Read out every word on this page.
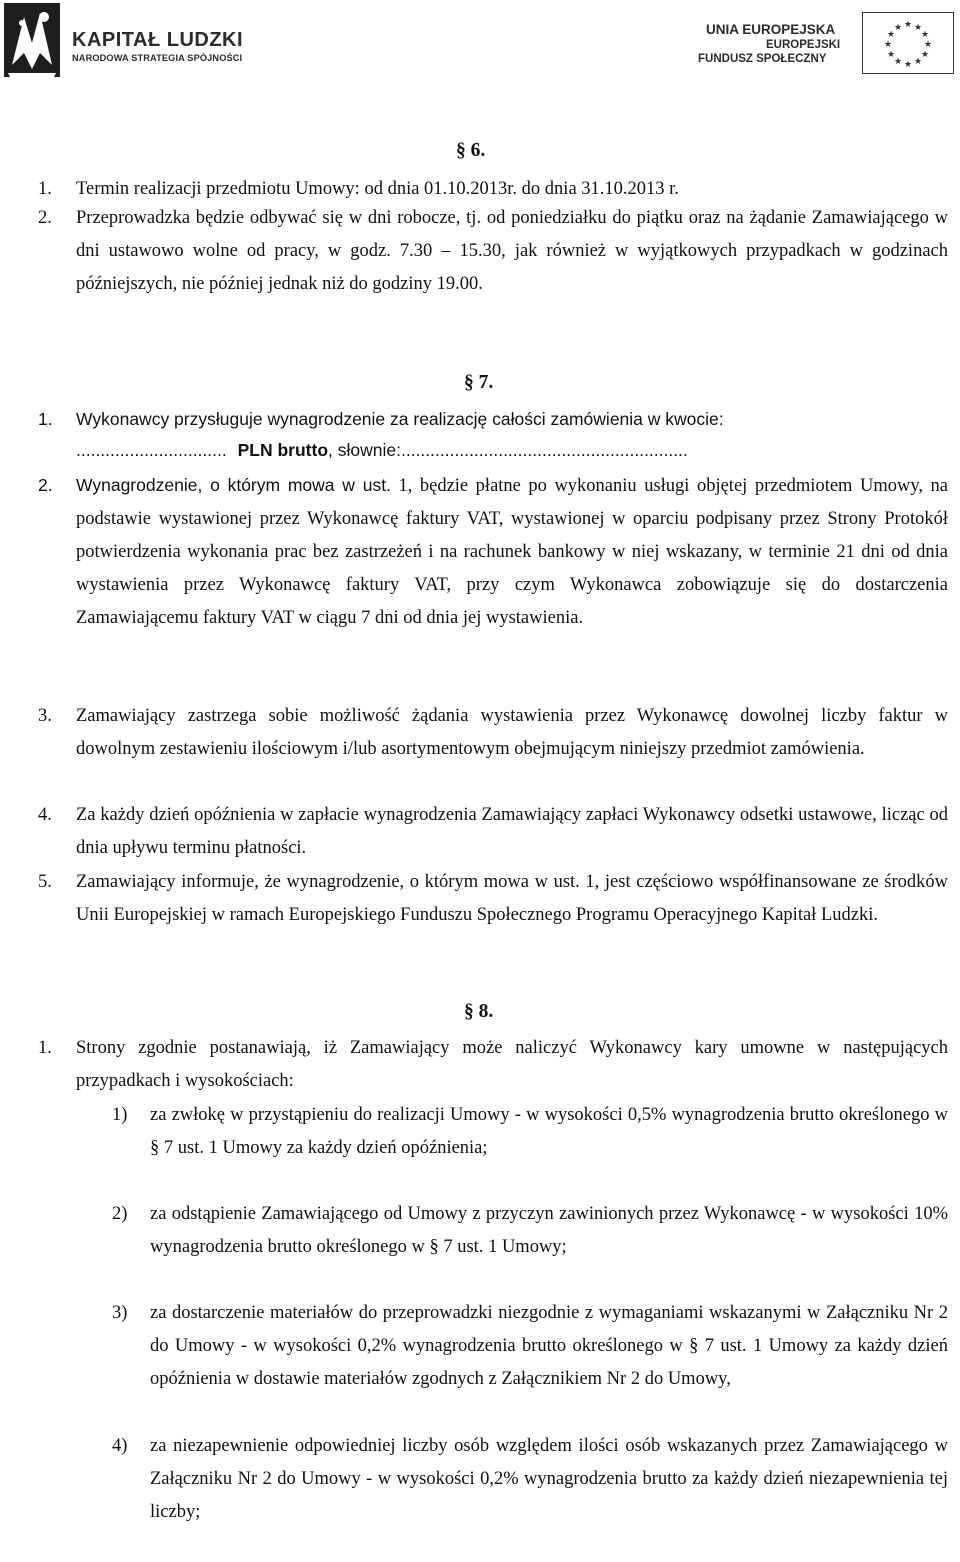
KAPITAŁ LUDZKI
NARODOWA STRATEGIA SPÓJNOŚCI
UNIA EUROPEJSKA
EUROPEJSKI
FUNDUSZ SPOŁECZNY
★ ★
★
★
★
★
★
★
★
★
★
★
§ 6.
1. Termin realizacji przedmiotu Umowy: od dnia 01.10.2013r. do dnia 31.10.2013 r.

2. Przeprowadzka będzie odbywać się w dni robocze, tj. od poniedziałku do piątku oraz na żądanie Zamawiającego w dni ustawowo wolne od pracy, w godz. 7.30 – 15.30, jak również w wyjątkowych przypadkach w godzinach późniejszych, nie później jednak niż do godziny 19.00.

§ 7.
1. Wykonawcy przysługuje wynagrodzenie za realizację całości zamówienia w kwocie:
............................... PLN brutto, słownie:...........................................................
2. Wynagrodzenie, o którym mowa w ust. 1, będzie płatne po wykonaniu usługi objętej przedmiotem Umowy, na podstawie wystawionej przez Wykonawcę faktury VAT, wystawionej w oparciu podpisany przez Strony Protokół potwierdzenia wykonania prac bez zastrzeżeń i na rachunek bankowy w niej wskazany, w terminie 21 dni od dnia wystawienia przez Wykonawcę faktury VAT, przy czym Wykonawca zobowiązuje się do dostarczenia Zamawiającemu faktury VAT w ciągu 7 dni od dnia jej wystawienia.

3. Zamawiający zastrzega sobie możliwość żądania wystawienia przez Wykonawcę dowolnej liczby faktur w dowolnym zestawieniu ilościowym i/lub asortymentowym obejmującym niniejszy przedmiot zamówienia.

4. Za każdy dzień opóźnienia w zapłacie wynagrodzenia Zamawiający zapłaci Wykonawcy odsetki ustawowe, licząc od dnia upływu terminu płatności.

5. Zamawiający informuje, że wynagrodzenie, o którym mowa w ust. 1, jest częściowo współfinansowane ze środków Unii Europejskiej w ramach Europejskiego Funduszu Społecznego Programu Operacyjnego Kapitał Ludzki.

§ 8.
1. Strony zgodnie postanawiają, iż Zamawiający może naliczyć Wykonawcy kary umowne w następujących przypadkach i wysokościach:

1) za zwłokę w przystąpieniu do realizacji Umowy - w wysokości 0,5% wynagrodzenia brutto określonego w § 7 ust. 1 Umowy za każdy dzień opóźnienia;

2) za odstąpienie Zamawiającego od Umowy z przyczyn zawinionych przez Wykonawcę - w wysokości 10% wynagrodzenia brutto określonego w § 7 ust. 1 Umowy;

3) za dostarczenie materiałów do przeprowadzki niezgodnie z wymaganiami wskazanymi w Załączniku Nr 2 do Umowy - w wysokości 0,2% wynagrodzenia brutto określonego w § 7 ust. 1 Umowy za każdy dzień opóźnienia w dostawie materiałów zgodnych z Załącznikiem Nr 2 do Umowy,

4) za niezapewnienie odpowiedniej liczby osób względem ilości osób wskazanych przez Zamawiającego w Załączniku Nr 2 do Umowy - w wysokości 0,2% wynagrodzenia brutto za każdy dzień niezapewnienia tej liczby;
